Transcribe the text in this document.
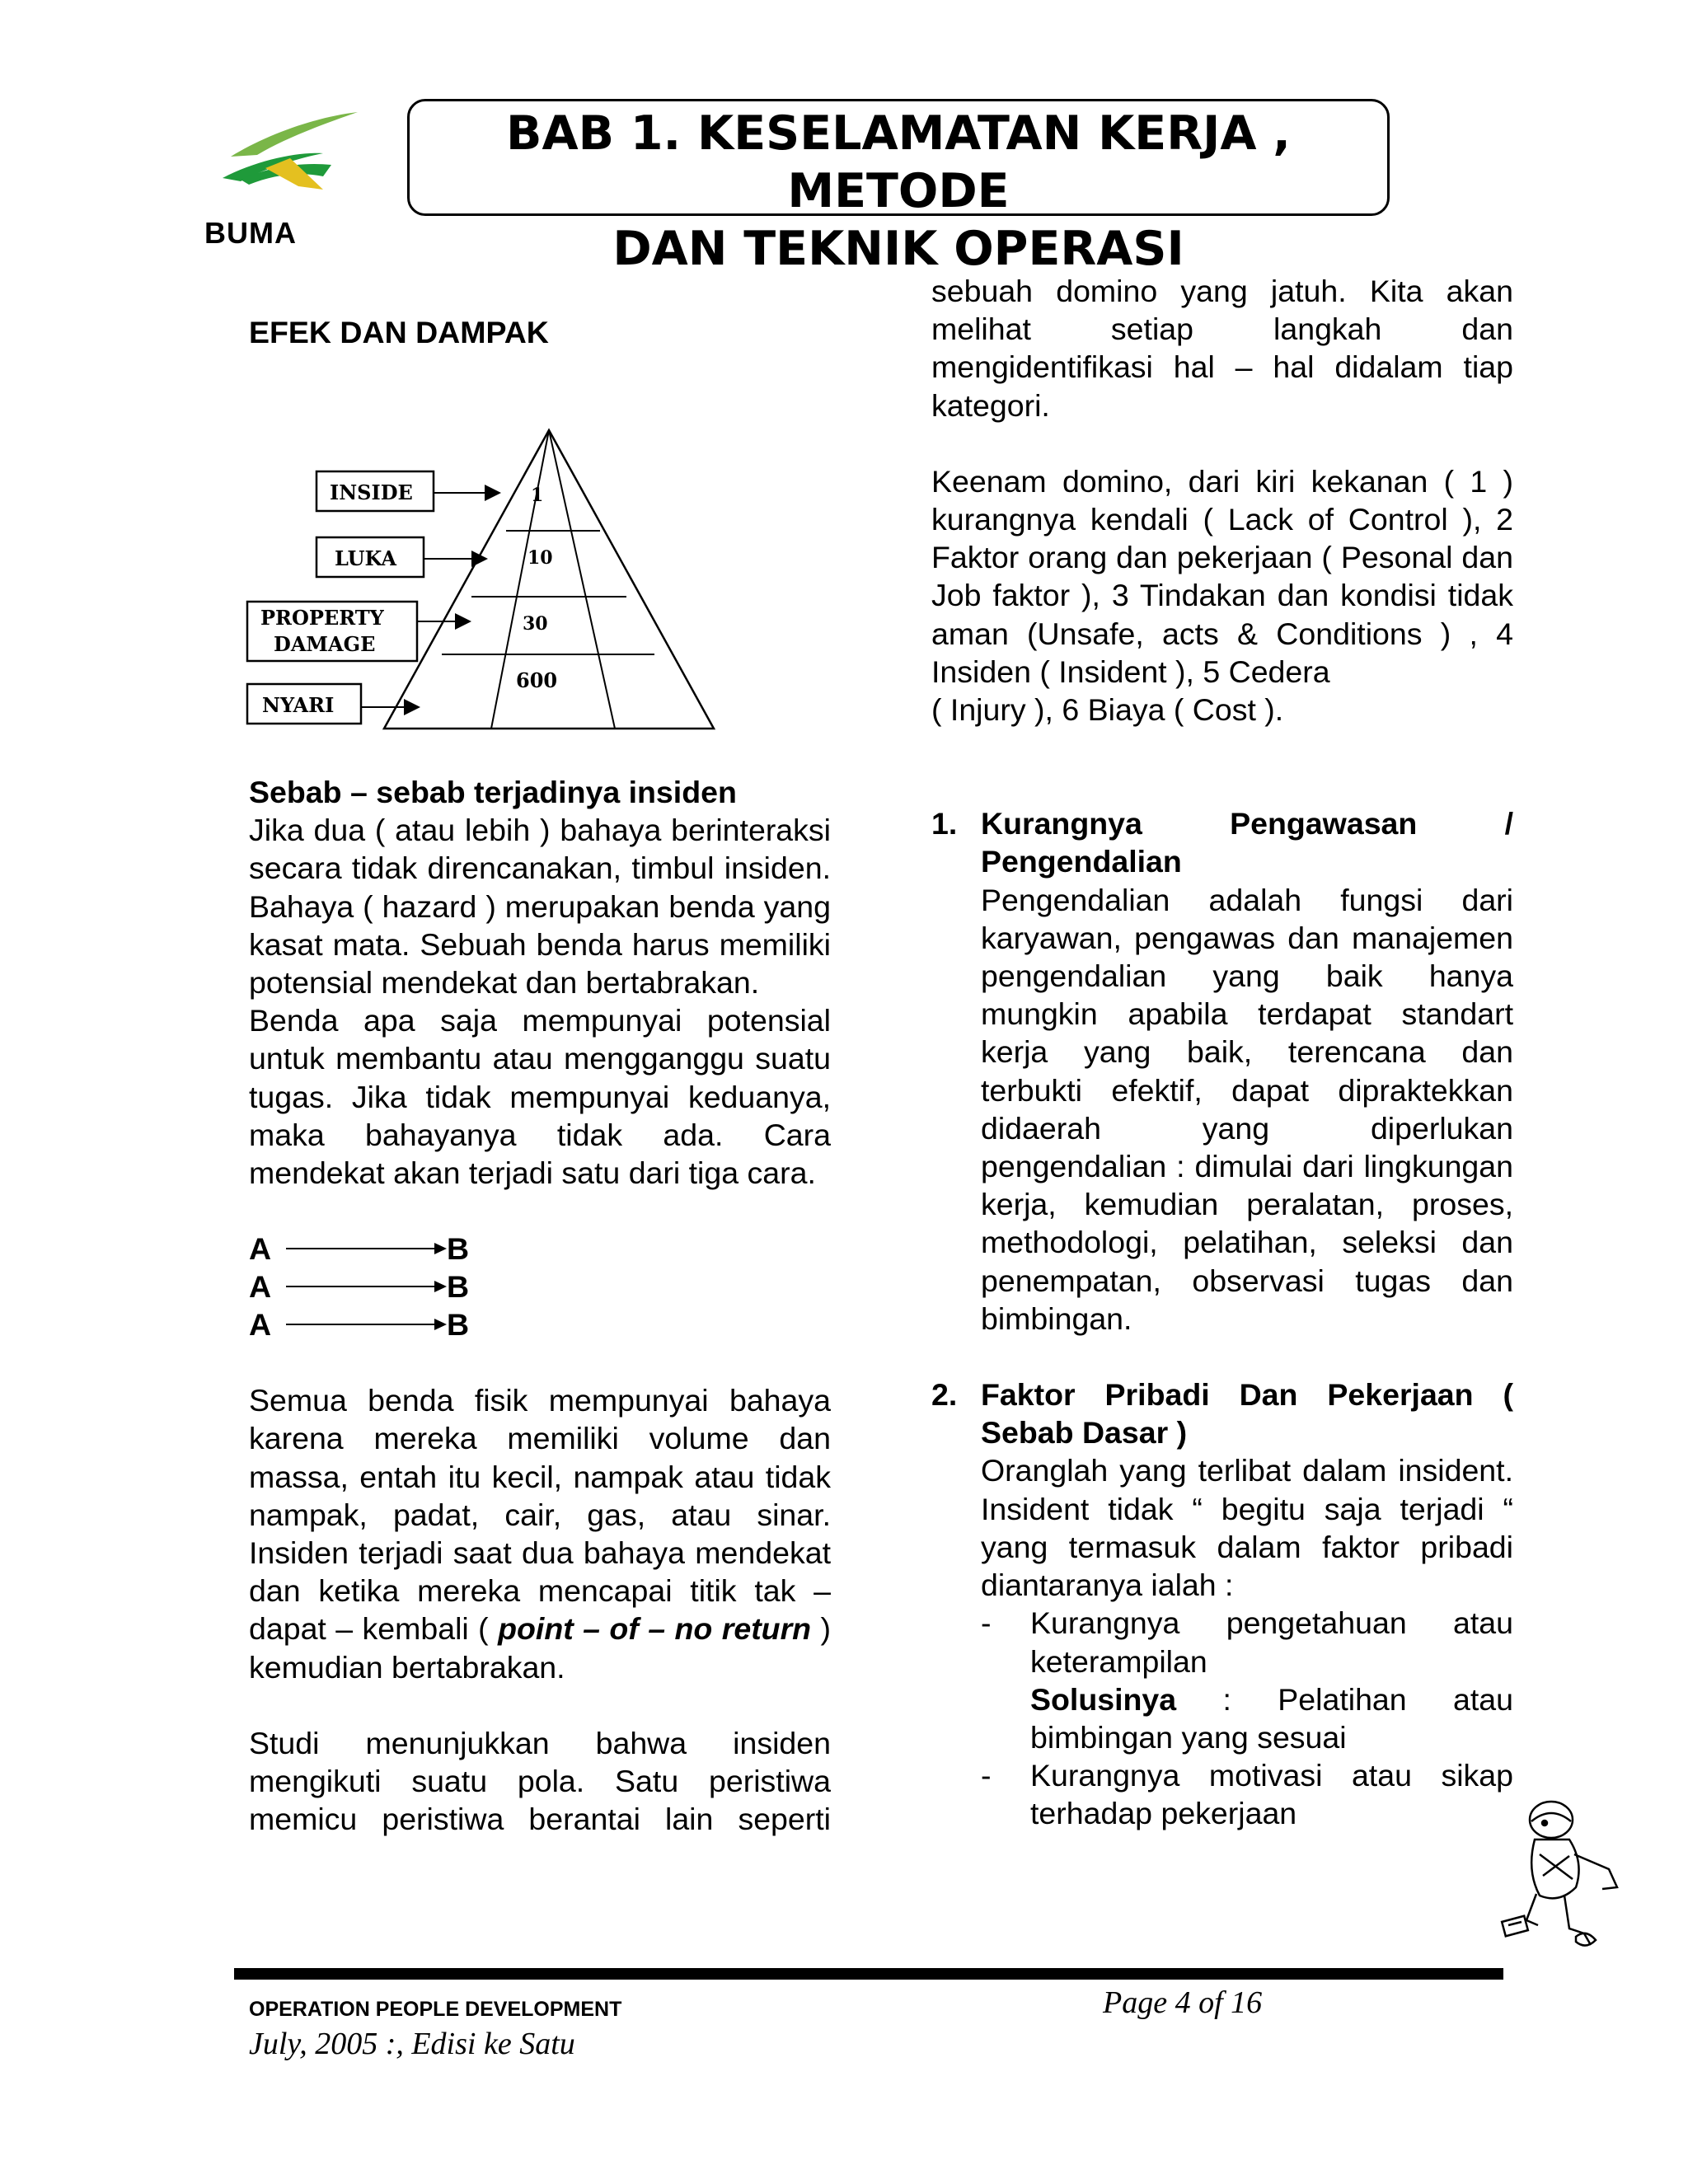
BUMA
BAB 1. KESELAMATAN KERJA , METODE
DAN TEKNIK OPERASI
EFEK DAN DAMPAK
1
10
30
600
INSIDE
LUKA
PROPERTY
DAMAGE
NYARI

Sebab – sebab terjadinya insiden

Jika dua ( atau lebih ) bahaya berinteraksi secara tidak direncanakan, timbul insiden. Bahaya ( hazard ) merupakan benda yang kasat mata. Sebuah benda harus memiliki potensial mendekat dan bertabrakan.

Benda apa saja mempunyai potensial untuk membantu atau mengganggu suatu tugas. Jika tidak mempunyai keduanya, maka bahayanya tidak ada. Cara mendekat akan terjadi satu dari tiga cara.

A	B
A	B
A	B

Semua benda fisik mempunyai bahaya karena mereka memiliki volume dan massa, entah itu kecil, nampak atau tidak nampak, padat, cair, gas, atau sinar. Insiden terjadi saat dua bahaya mendekat dan ketika mereka mencapai titik tak – dapat – kembali ( point – of – no return ) kemudian bertabrakan.

Studi menunjukkan bahwa insiden mengikuti suatu pola. Satu peristiwa memicu peristiwa berantai lain seperti

sebuah domino yang jatuh. Kita akan melihat setiap langkah dan mengidentifikasi hal – hal didalam tiap kategori.

Keenam domino, dari kiri kekanan ( 1 ) kurangnya kendali ( Lack of Control ), 2 Faktor orang dan pekerjaan ( Pesonal dan Job faktor ), 3 Tindakan dan kondisi tidak aman (Unsafe, acts & Conditions ) , 4 Insiden ( Insident ), 5 Cedera

( Injury ), 6 Biaya ( Cost ).

1. Kurangnya Pengawasan / Pengendalian

Pengendalian adalah fungsi dari karyawan, pengawas dan manajemen pengendalian yang baik hanya mungkin apabila terdapat standart kerja yang baik, terencana dan terbukti efektif, dapat dipraktekkan didaerah yang diperlukan pengendalian : dimulai dari lingkungan kerja, kemudian peralatan, proses, methodologi, pelatihan, seleksi dan penempatan, observasi tugas dan bimbingan.

2. Faktor Pribadi Dan Pekerjaan ( Sebab Dasar )

Oranglah yang terlibat dalam insident. Insident tidak “ begitu saja terjadi “ yang termasuk dalam faktor pribadi diantaranya ialah :

- Kurangnya pengetahuan atau keterampilan

Solusinya : Pelatihan atau bimbingan yang sesuai

- Kurangnya motivasi atau sikap terhadap pekerjaan

OPERATION PEOPLE DEVELOPMENT
July, 2005 :, Edisi ke Satu
Page 4 of 16
